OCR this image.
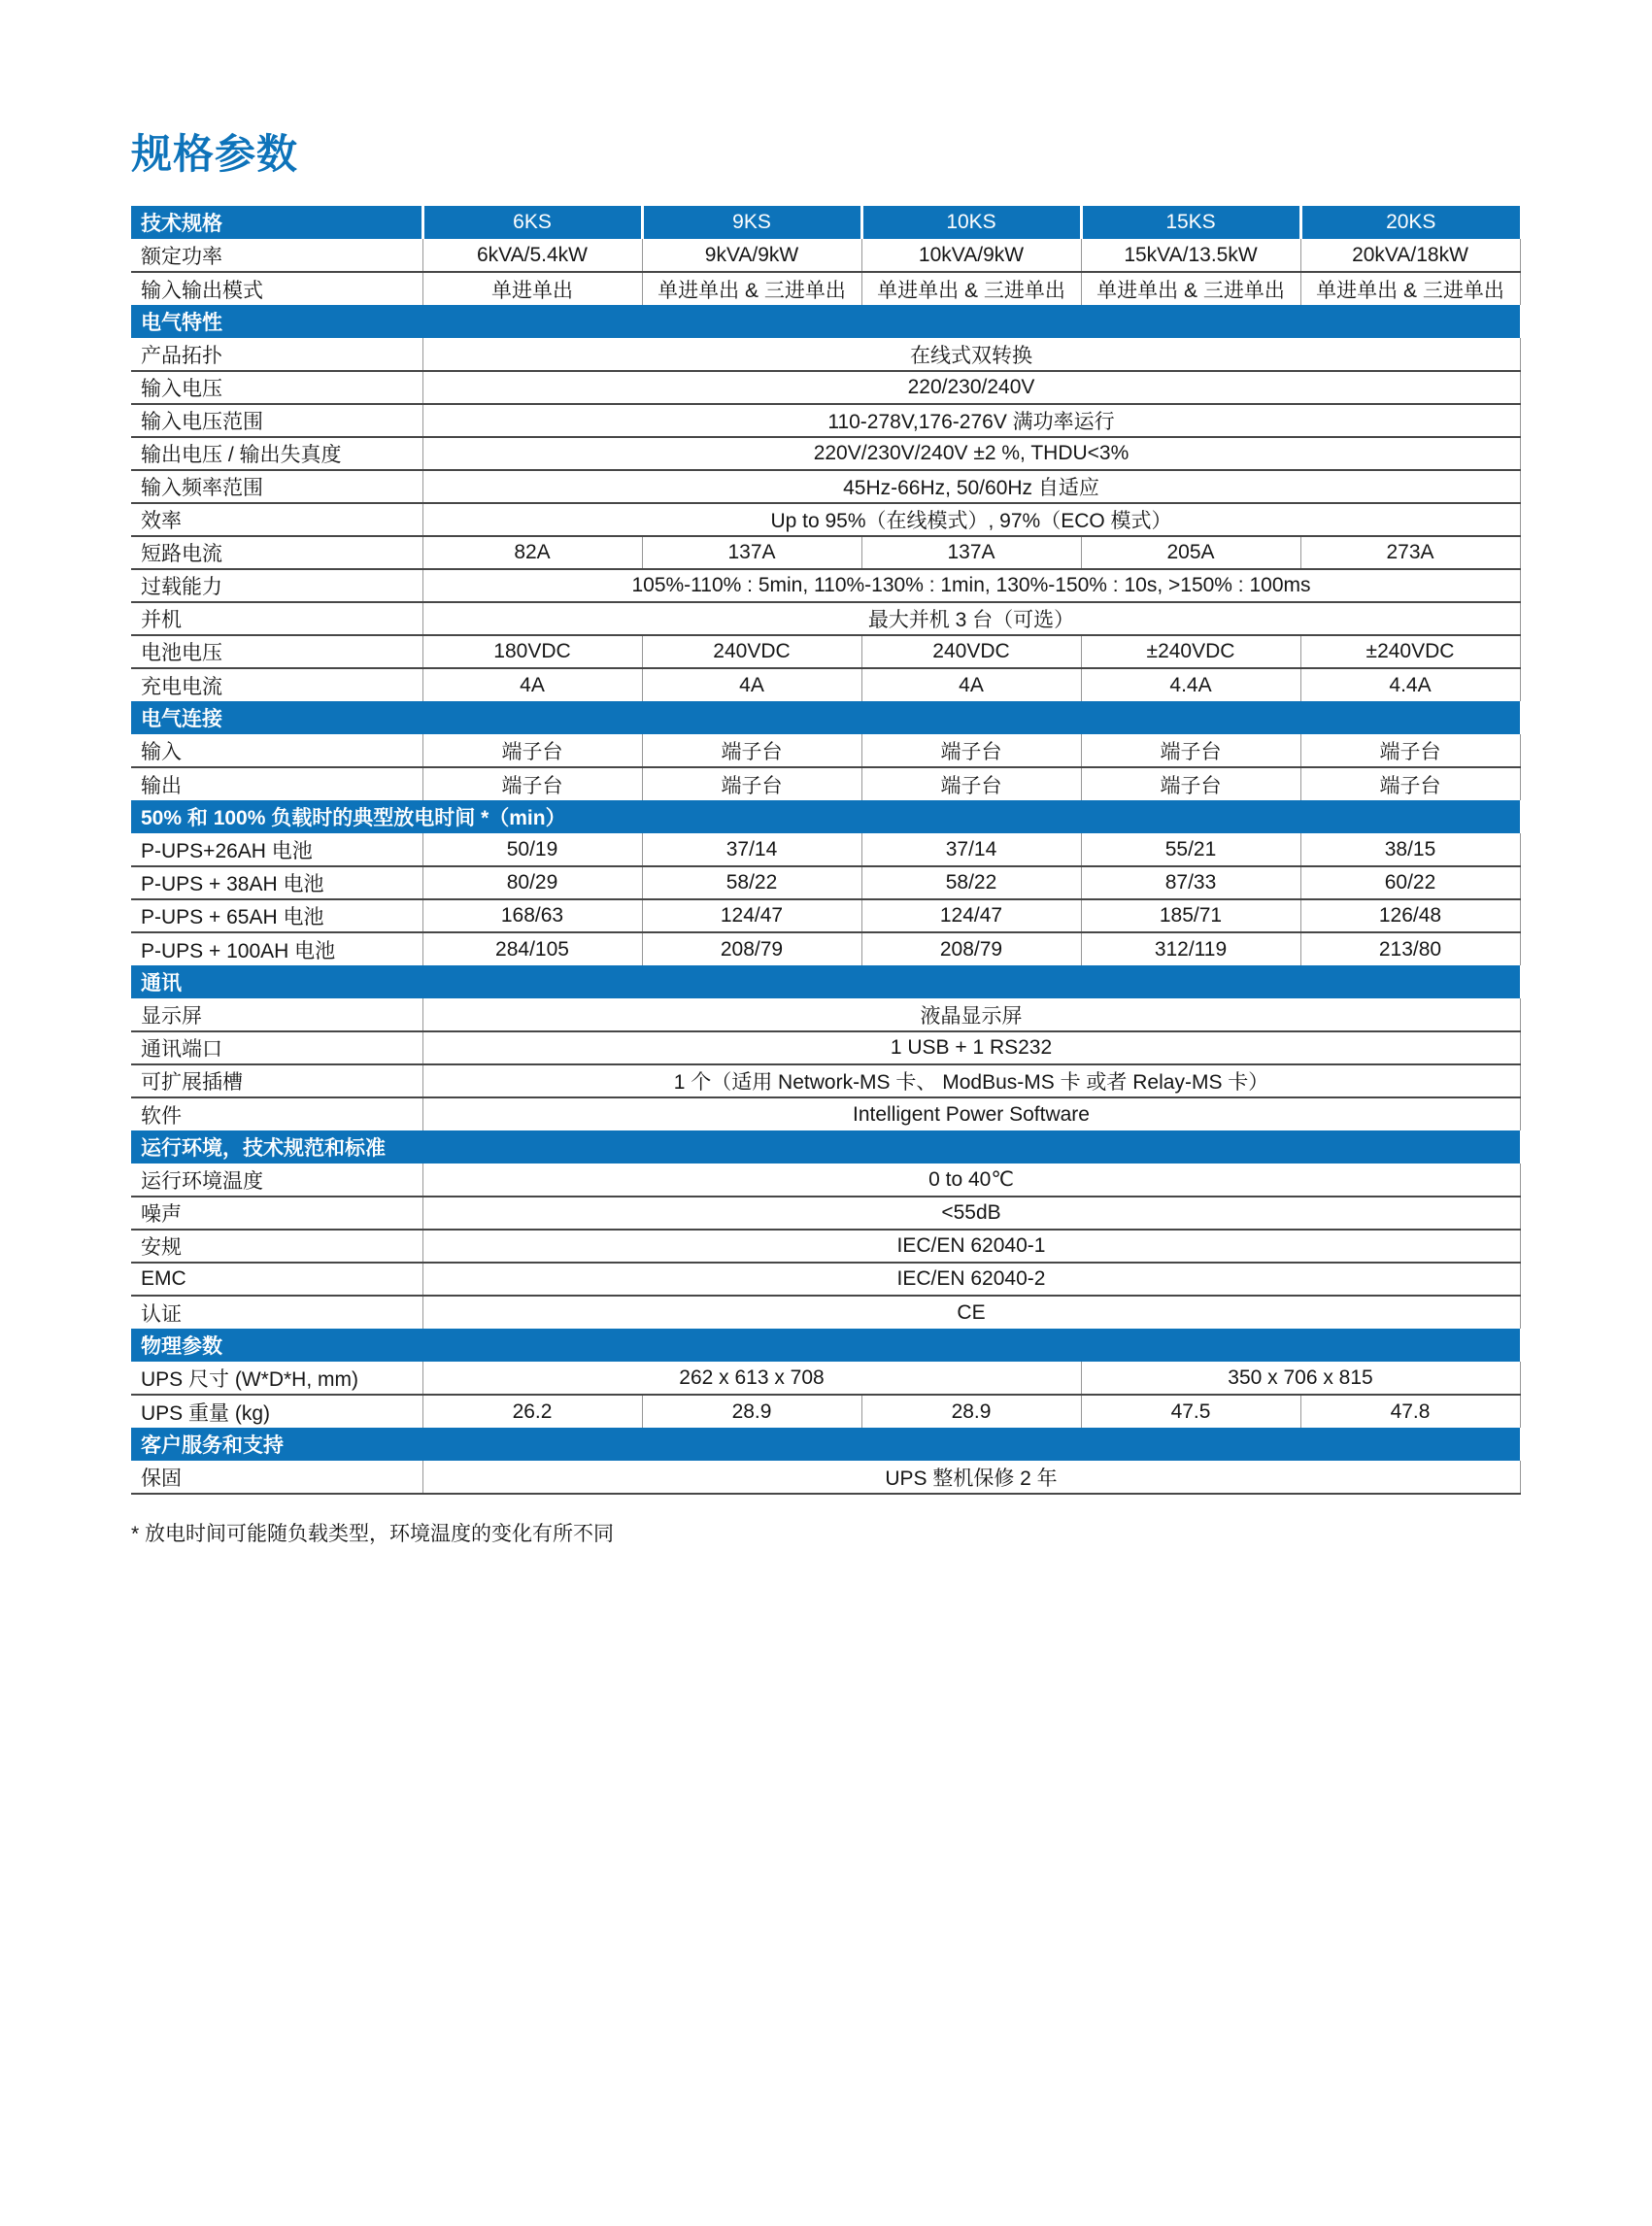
规格参数
技术规格	6KS	9KS	10KS	15KS	20KS
额定功率	6kVA/5.4kW	9kVA/9kW	10kVA/9kW	15kVA/13.5kW	20kVA/18kW
输入输出模式	单进单出	单进单出 & 三进单出	单进单出 & 三进单出	单进单出 & 三进单出	单进单出 & 三进单出
电气特性					
产品拓扑	在线式双转换				
输入电压	220/230/240V				
输入电压范围	110-278V,176-276V 满功率运行				
输出电压 / 输出失真度	220V/230V/240V ±2 %, THDU<3%				
输入频率范围	45Hz-66Hz, 50/60Hz 自适应				
效率	Up to 95%（在线模式）, 97%（ECO 模式）				
短路电流	82A	137A	137A	205A	273A
过载能力	105%-110% : 5min, 110%-130% : 1min, 130%-150% : 10s, >150% : 100ms				
并机	最大并机 3 台（可选）				
电池电压	180VDC	240VDC	240VDC	±240VDC	±240VDC
充电电流	4A	4A	4A	4.4A	4.4A
电气连接					
输入	端子台	端子台	端子台	端子台	端子台
输出	端子台	端子台	端子台	端子台	端子台
50% 和 100% 负载时的典型放电时间 *（min）					
P-UPS+26AH 电池	50/19	37/14	37/14	55/21	38/15
P-UPS + 38AH 电池	80/29	58/22	58/22	87/33	60/22
P-UPS + 65AH 电池	168/63	124/47	124/47	185/71	126/48
P-UPS + 100AH 电池	284/105	208/79	208/79	312/119	213/80
通讯					
显示屏	液晶显示屏				
通讯端口	1 USB + 1 RS232				
可扩展插槽	1 个（适用 Network-MS 卡、 ModBus-MS 卡 或者 Relay-MS 卡）				
软件	Intelligent Power Software				
运行环境，技术规范和标准					
运行环境温度	0 to 40℃				
噪声	<55dB				
安规	IEC/EN 62040-1				
EMC	IEC/EN 62040-2				
认证	CE				
物理参数					
UPS 尺寸 (W*D*H, mm)	262 x 613 x 708			350 x 706 x 815	
UPS 重量 (kg)	26.2	28.9	28.9	47.5	47.8
客户服务和支持					
保固	UPS 整机保修 2 年				

* 放电时间可能随负载类型，环境温度的变化有所不同
